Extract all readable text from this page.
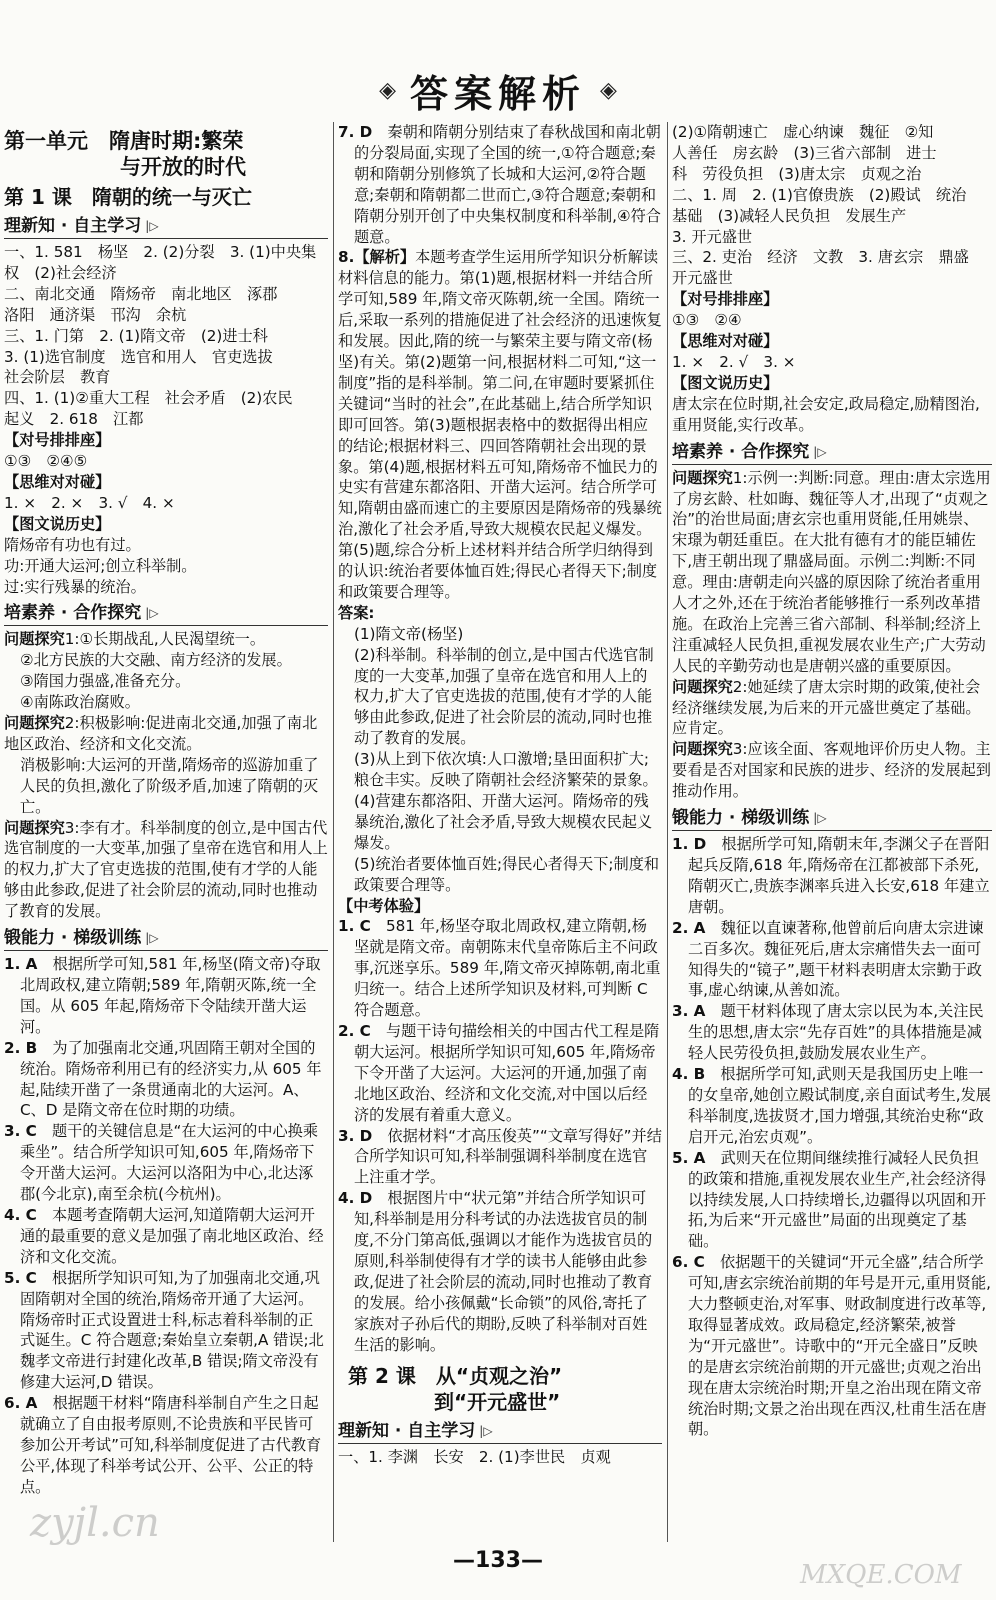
◈ 答案解析 ◈
第一单元　隋唐时期:繁荣
与开放的时代
第 1 课　隋朝的统一与灭亡
理新知 · 自主学习 |▷

一、1. 581　杨坚　2. (2)分裂　3. (1)中央集

权　(2)社会经济

二、南北交通　隋炀帝　南北地区　涿郡

洛阳　通济渠　邗沟　余杭

三、1. 门第　2. (1)隋文帝　(2)进士科

3. (1)选官制度　选官和用人　官吏选拔

社会阶层　教育

四、1. (1)②重大工程　社会矛盾　(2)农民

起义　2. 618　江都

【对号排排座】

①③　②④⑤

【思维对对碰】

1. ×　2. ×　3. √　4. ×

【图文说历史】

隋炀帝有功也有过。

功:开通大运河;创立科举制。

过:实行残暴的统治。

培素养 · 合作探究 |▷

问题探究1:①长期战乱,人民渴望统一。

②北方民族的大交融、南方经济的发展。

③隋国力强盛,准备充分。

④南陈政治腐败。

问题探究2:积极影响:促进南北交通,加强了南北地区政治、经济和文化交流。

消极影响:大运河的开凿,隋炀帝的巡游加重了人民的负担,激化了阶级矛盾,加速了隋朝的灭亡。

问题探究3:李有才。科举制度的创立,是中国古代选官制度的一大变革,加强了皇帝在选官和用人上的权力,扩大了官吏选拔的范围,使有才学的人能够由此参政,促进了社会阶层的流动,同时也推动了教育的发展。

锻能力 · 梯级训练 |▷

1. A　根据所学可知,581 年,杨坚(隋文帝)夺取北周政权,建立隋朝;589 年,隋朝灭陈,统一全国。从 605 年起,隋炀帝下令陆续开凿大运河。

2. B　为了加强南北交通,巩固隋王朝对全国的统治。隋炀帝利用已有的经济实力,从 605 年起,陆续开凿了一条贯通南北的大运河。A、C、D 是隋文帝在位时期的功绩。

3. C　题干的关键信息是“在大运河的中心换乘乘坐”。结合所学知识可知,605 年,隋炀帝下令开凿大运河。大运河以洛阳为中心,北达涿郡(今北京),南至余杭(今杭州)。

4. C　本题考查隋朝大运河,知道隋朝大运河开通的最重要的意义是加强了南北地区政治、经济和文化交流。

5. C　根据所学知识可知,为了加强南北交通,巩固隋朝对全国的统治,隋炀帝开通了大运河。隋炀帝时正式设置进士科,标志着科举制的正式诞生。C 符合题意;秦始皇立秦朝,A 错误;北魏孝文帝进行封建化改革,B 错误;隋文帝没有修建大运河,D 错误。

6. A　根据题干材料“隋唐科举制自产生之日起就确立了自由报考原则,不论贵族和平民皆可参加公开考试”可知,科举制度促进了古代教育公平,体现了科举考试公开、公平、公正的特点。

7. D　秦朝和隋朝分别结束了春秋战国和南北朝的分裂局面,实现了全国的统一,①符合题意;秦朝和隋朝分别修筑了长城和大运河,②符合题意;秦朝和隋朝都二世而亡,③符合题意;秦朝和隋朝分别开创了中央集权制度和科举制,④符合题意。

8.【解析】本题考查学生运用所学知识分析解读材料信息的能力。第(1)题,根据材料一并结合所学可知,589 年,隋文帝灭陈朝,统一全国。隋统一后,采取一系列的措施促进了社会经济的迅速恢复和发展。因此,隋的统一与繁荣主要与隋文帝(杨坚)有关。第(2)题第一问,根据材料二可知,“这一制度”指的是科举制。第二问,在审题时要紧抓住关键词“当时的社会”,在此基础上,结合所学知识即可回答。第(3)题根据表格中的数据得出相应的结论;根据材料三、四回答隋朝社会出现的景象。第(4)题,根据材料五可知,隋炀帝不恤民力的史实有营建东都洛阳、开凿大运河。结合所学可知,隋朝由盛而速亡的主要原因是隋炀帝的残暴统治,激化了社会矛盾,导致大规模农民起义爆发。第(5)题,综合分析上述材料并结合所学归纳得到的认识:统治者要体恤百姓;得民心者得天下;制度和政策要合理等。

答案:

(1)隋文帝(杨坚)

(2)科举制。科举制的创立,是中国古代选官制度的一大变革,加强了皇帝在选官和用人上的权力,扩大了官吏选拔的范围,使有才学的人能够由此参政,促进了社会阶层的流动,同时也推动了教育的发展。

(3)从上到下依次填:人口激增;垦田面积扩大;粮仓丰实。反映了隋朝社会经济繁荣的景象。

(4)营建东都洛阳、开凿大运河。隋炀帝的残暴统治,激化了社会矛盾,导致大规模农民起义爆发。

(5)统治者要体恤百姓;得民心者得天下;制度和政策要合理等。

【中考体验】

1. C　581 年,杨坚夺取北周政权,建立隋朝,杨坚就是隋文帝。南朝陈末代皇帝陈后主不问政事,沉迷享乐。589 年,隋文帝灭掉陈朝,南北重归统一。结合上述所学知识及材料,可判断 C 符合题意。

2. C　与题干诗句描绘相关的中国古代工程是隋朝大运河。根据所学知识可知,605 年,隋炀帝下令开凿了大运河。大运河的开通,加强了南北地区政治、经济和文化交流,对中国以后经济的发展有着重大意义。

3. D　依据材料“才高压俊英”“文章写得好”并结合所学知识可知,科举制强调科举制度在选官上注重才学。

4. D　根据图片中“状元第”并结合所学知识可知,科举制是用分科考试的办法选拔官员的制度,不分门第高低,强调以才能作为选拔官员的原则,科举制使得有才学的读书人能够由此参政,促进了社会阶层的流动,同时也推动了教育的发展。给小孩佩戴“长命锁”的风俗,寄托了家族对子孙后代的期盼,反映了科举制对百姓生活的影响。

第 2 课　从“贞观之治”
到“开元盛世”
理新知 · 自主学习 |▷

一、1. 李渊　长安　2. (1)李世民　贞观

(2)①隋朝速亡　虚心纳谏　魏征　②知

人善任　房玄龄　(3)三省六部制　进士

科　劳役负担　(3)唐太宗　贞观之治

二、1. 周　2. (1)官僚贵族　(2)殿试　统治

基础　(3)减轻人民负担　发展生产

3. 开元盛世

三、2. 吏治　经济　文教　3. 唐玄宗　鼎盛

开元盛世

【对号排排座】

①③　②④

【思维对对碰】

1. ×　2. √　3. ×

【图文说历史】

唐太宗在位时期,社会安定,政局稳定,励精图治,重用贤能,实行改革。

培素养 · 合作探究 |▷

问题探究1:示例一:判断:同意。理由:唐太宗选用了房玄龄、杜如晦、魏征等人才,出现了“贞观之治”的治世局面;唐玄宗也重用贤能,任用姚崇、宋璟为朝廷重臣。在大批有德有才的能臣辅佐下,唐王朝出现了鼎盛局面。示例二:判断:不同意。理由:唐朝走向兴盛的原因除了统治者重用人才之外,还在于统治者能够推行一系列改革措施。在政治上完善三省六部制、科举制;经济上注重减轻人民负担,重视发展农业生产;广大劳动人民的辛勤劳动也是唐朝兴盛的重要原因。

问题探究2:她延续了唐太宗时期的政策,使社会经济继续发展,为后来的开元盛世奠定了基础。应肯定。

问题探究3:应该全面、客观地评价历史人物。主要看是否对国家和民族的进步、经济的发展起到推动作用。

锻能力 · 梯级训练 |▷

1. D　根据所学可知,隋朝末年,李渊父子在晋阳起兵反隋,618 年,隋炀帝在江都被部下杀死,隋朝灭亡,贵族李渊率兵进入长安,618 年建立唐朝。

2. A　魏征以直谏著称,他曾前后向唐太宗进谏二百多次。魏征死后,唐太宗痛惜失去一面可知得失的“镜子”,题干材料表明唐太宗勤于政事,虚心纳谏,从善如流。

3. A　题干材料体现了唐太宗以民为本,关注民生的思想,唐太宗“先存百姓”的具体措施是减轻人民劳役负担,鼓励发展农业生产。

4. B　根据所学可知,武则天是我国历史上唯一的女皇帝,她创立殿试制度,亲自面试考生,发展科举制度,选拔贤才,国力增强,其统治史称“政启开元,治宏贞观”。

5. A　武则天在位期间继续推行减轻人民负担的政策和措施,重视发展农业生产,社会经济得以持续发展,人口持续增长,边疆得以巩固和开拓,为后来“开元盛世”局面的出现奠定了基础。

6. C　依据题干的关键词“开元全盛”,结合所学可知,唐玄宗统治前期的年号是开元,重用贤能,大力整顿吏治,对军事、财政制度进行改革等,取得显著成效。政局稳定,经济繁荣,被誉为“开元盛世”。诗歌中的“开元全盛日”反映的是唐玄宗统治前期的开元盛世;贞观之治出现在唐太宗统治时期;开皇之治出现在隋文帝统治时期;文景之治出现在西汉,杜甫生活在唐朝。

—133—
zyjl.cn
MXQE.COM
